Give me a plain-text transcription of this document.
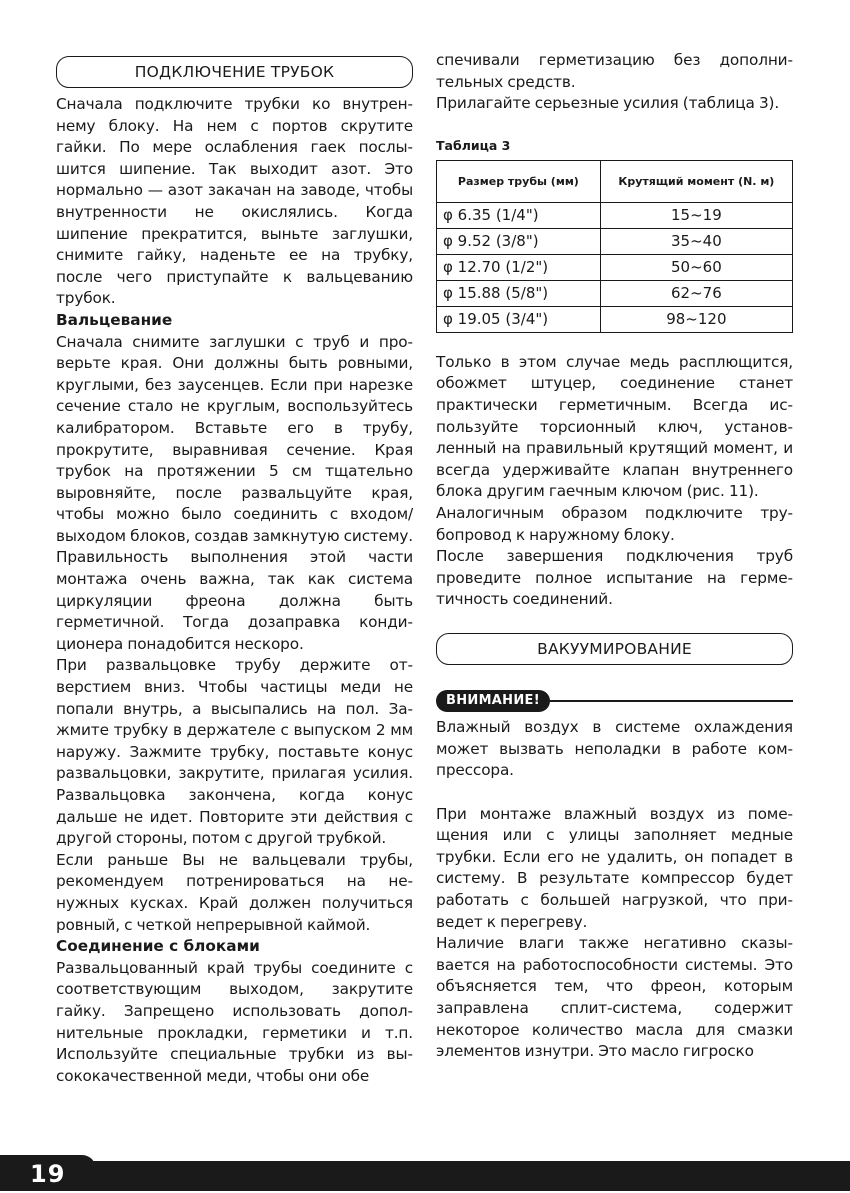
ПОДКЛЮЧЕНИЕ ТРУБОК

Сначала подключите трубки ко внутреннему блоку. На нем с портов скрутите гайки. По мере ослабления гаек послышится шипение. Так выходит азот. Это нормально — азот закачан на заводе, чтобы внутренности не окислялись. Когда шипение прекратится, выньте заглушки, снимите гайку, наденьте ее на трубку, после чего приступайте к вальцеванию трубок.

Вальцевание

Сначала снимите заглушки с труб и проверьте края. Они должны быть ровными, круглыми, без заусенцев. Если при нарезке сечение стало не круглым, воспользуйтесь калибратором. Вставьте его в трубу, прокрутите, выравнивая сечение. Края трубок на протяжении 5 см тщательно выровняйте, после развальцуйте края, чтобы можно было соединить с входом/выходом блоков, создав замкнутую систему. Правильность выполнения этой части монтажа очень важна, так как система циркуляции фреона должна быть герметичной. Тогда дозаправка кондиционера понадобится нескоро.

При развальцовке трубу держите отверстием вниз. Чтобы частицы меди не попали внутрь, а высыпались на пол. Зажмите трубку в держателе с выпуском 2 мм наружу. Зажмите трубку, поставьте конус развальцовки, закрутите, прилагая усилия. Развальцовка закончена, когда конус дальше не идет. Повторите эти действия с другой стороны, потом с другой трубкой.

Если раньше Вы не вальцевали трубы, рекомендуем потренироваться на ненужных кусках. Край должен получиться ровный, с четкой непрерывной каймой.

Соединение с блоками

Развальцованный край трубы соедините с соответствующим выходом, закрутите гайку. Запрещено использовать дополнительные прокладки, герметики и т.п. Используйте специальные трубки из высококачественной меди, чтобы они обе

спечивали герметизацию без дополнительных средств.

Прилагайте серьезные усилия (таблица 3).

Таблица 3

Размер трубы (мм)	Крутящий момент (N. м)
φ 6.35 (1/4")	15~19
φ 9.52 (3/8")	35~40
φ 12.70 (1/2")	50~60
φ 15.88 (5/8")	62~76
φ 19.05 (3/4")	98~120

Только в этом случае медь расплющится, обожмет штуцер, соединение станет практически герметичным. Всегда используйте торсионный ключ, установленный на правильный крутящий момент, и всегда удерживайте клапан внутреннего блока другим гаечным ключом (рис. 11).

Аналогичным образом подключите трубопровод к наружному блоку.

После завершения подключения труб проведите полное испытание на герметичность соединений.

ВАКУУМИРОВАНИЕ
ВНИМАНИЕ!

Влажный воздух в системе охлаждения может вызвать неполадки в работе компрессора.

При монтаже влажный воздух из помещения или с улицы заполняет медные трубки. Если его не удалить, он попадет в систему. В результате компрессор будет работать с большей нагрузкой, что приведет к перегреву.

Наличие влаги также негативно сказывается на работоспособности системы. Это объясняется тем, что фреон, которым заправлена сплит-система, содержит некоторое количество масла для смазки элементов изнутри. Это масло гигроско

19
